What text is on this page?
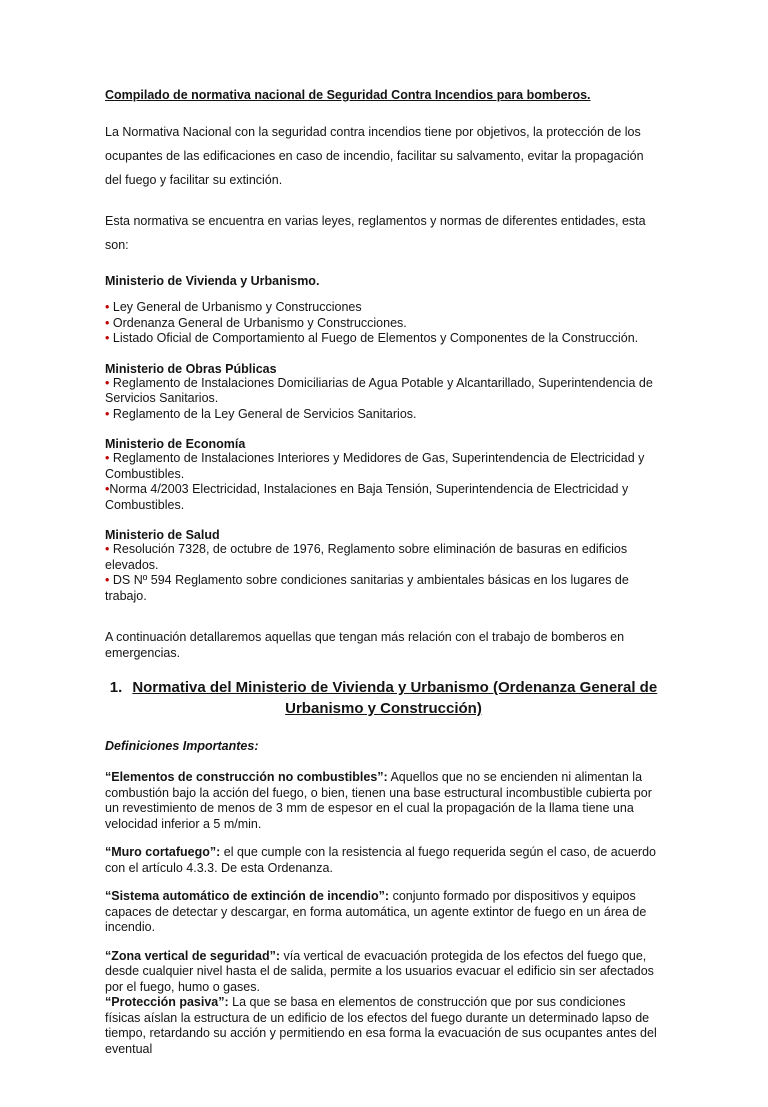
Compilado de normativa nacional de Seguridad Contra Incendios para bomberos.

La Normativa Nacional con la seguridad contra incendios tiene por objetivos, la protección de los ocupantes de las edificaciones en caso de incendio, facilitar su salvamento, evitar la propagación del fuego y facilitar su extinción.

Esta normativa se encuentra en varias leyes, reglamentos y normas de diferentes entidades, esta son:

Ministerio de Vivienda y Urbanismo.

• Ley General de Urbanismo y Construcciones

• Ordenanza General de Urbanismo y Construcciones.

• Listado Oficial de Comportamiento al Fuego de Elementos y Componentes de la Construcción.

Ministerio de Obras Públicas

• Reglamento de Instalaciones Domiciliarias de Agua Potable y Alcantarillado, Superintendencia de Servicios Sanitarios.

• Reglamento de la Ley General de Servicios Sanitarios.

Ministerio de Economía

• Reglamento de Instalaciones Interiores y Medidores de Gas, Superintendencia de Electricidad y Combustibles.

•Norma 4/2003 Electricidad, Instalaciones en Baja Tensión, Superintendencia de Electricidad y Combustibles.

Ministerio de Salud

• Resolución 7328, de octubre de 1976, Reglamento sobre eliminación de basuras en edificios elevados.

• DS Nº 594 Reglamento sobre condiciones sanitarias y ambientales básicas en los lugares de trabajo.

A continuación detallaremos aquellas que tengan más relación con el trabajo de bomberos en emergencias.

1. Normativa del Ministerio de Vivienda y Urbanismo (Ordenanza General de Urbanismo y Construcción)

Definiciones Importantes:

“Elementos de construcción no combustibles”: Aquellos que no se encienden ni alimentan la combustión bajo la acción del fuego, o bien, tienen una base estructural incombustible cubierta por un revestimiento de menos de 3 mm de espesor en el cual la propagación de la llama tiene una velocidad inferior a 5 m/min.

“Muro cortafuego”: el que cumple con la resistencia al fuego requerida según el caso, de acuerdo con el artículo 4.3.3. De esta Ordenanza.

“Sistema automático de extinción de incendio”: conjunto formado por dispositivos y equipos capaces de detectar y descargar, en forma automática, un agente extintor de fuego en un área de incendio.

“Zona vertical de seguridad”: vía vertical de evacuación protegida de los efectos del fuego que, desde cualquier nivel hasta el de salida, permite a los usuarios evacuar el edificio sin ser afectados por el fuego, humo o gases.

“Protección pasiva”: La que se basa en elementos de construcción que por sus condiciones físicas aíslan la estructura de un edificio de los efectos del fuego durante un determinado lapso de tiempo, retardando su acción y permitiendo en esa forma la evacuación de sus ocupantes antes del eventual
